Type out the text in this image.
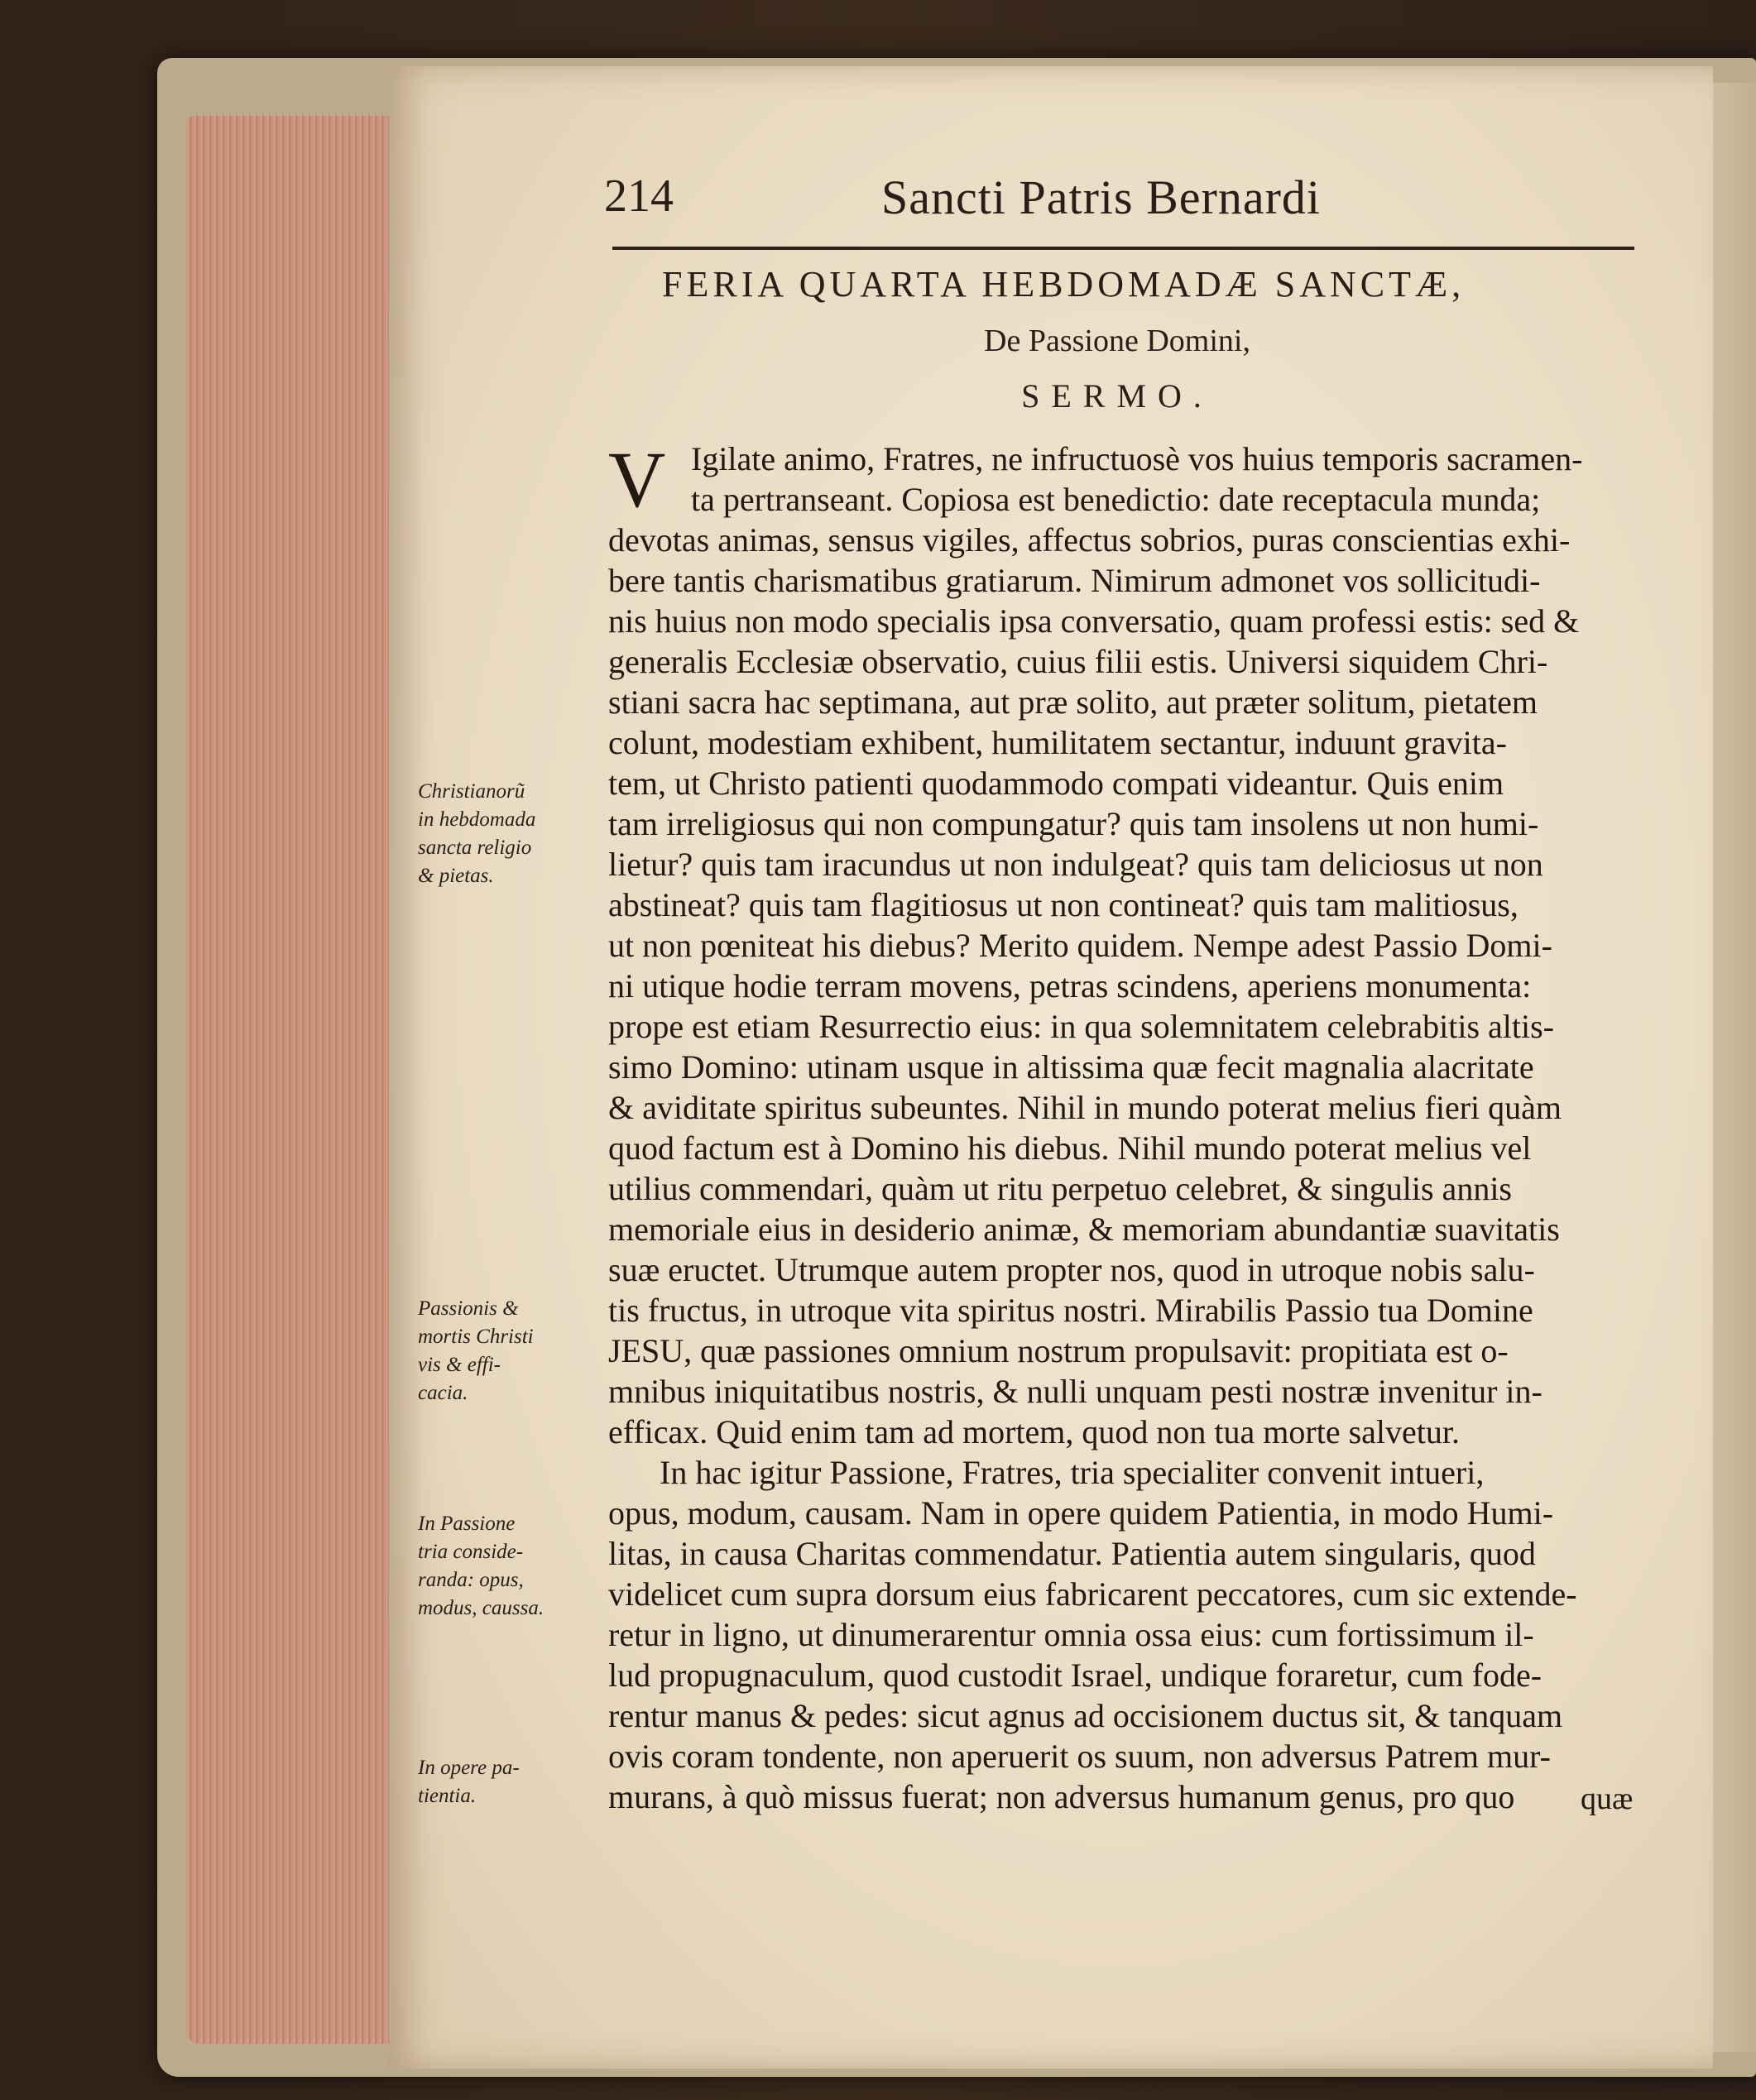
214	Sancti Patris Bernardi
FERIA QUARTA HEBDOMADÆ SANCTÆ,
De Passione Domini,
SERMO.
V Igilate animo, Fratres, ne infructuosè vos huius temporis sacramen-
ta pertranseant. Copiosa est benedictio: date receptacula munda;
devotas animas, sensus vigiles, affectus sobrios, puras conscientias exhi-
bere tantis charismatibus gratiarum. Nimirum admonet vos sollicitudi-
nis huius non modo specialis ipsa conversatio, quam professi estis: sed &
generalis Ecclesiæ observatio, cuius filii estis. Universi siquidem Chri-
stiani sacra hac septimana, aut præ solito, aut præter solitum, pietatem
colunt, modestiam exhibent, humilitatem sectantur, induunt gravita-
tem, ut Christo patienti quodammodo compati videantur. Quis enim
tam irreligiosus qui non compungatur? quis tam insolens ut non humi-
lietur? quis tam iracundus ut non indulgeat? quis tam deliciosus ut non
abstineat? quis tam flagitiosus ut non contineat? quis tam malitiosus,
ut non pœniteat his diebus? Merito quidem. Nempe adest Passio Domi-
ni utique hodie terram movens, petras scindens, aperiens monumenta:
prope est etiam Resurrectio eius: in qua solemnitatem celebrabitis altis-
simo Domino: utinam usque in altissima quæ fecit magnalia alacritate
& aviditate spiritus subeuntes. Nihil in mundo poterat melius fieri quàm
quod factum est à Domino his diebus. Nihil mundo poterat melius vel
utilius commendari, quàm ut ritu perpetuo celebret, & singulis annis
memoriale eius in desiderio animæ, & memoriam abundantiæ suavitatis
suæ eructet. Utrumque autem propter nos, quod in utroque nobis salu-
tis fructus, in utroque vita spiritus nostri. Mirabilis Passio tua Domine
JESU, quæ passiones omnium nostrum propulsavit: propitiata est o-
mnibus iniquitatibus nostris, & nulli unquam pesti nostræ invenitur in-
efficax. Quid enim tam ad mortem, quod non tua morte salvetur.
In hac igitur Passione, Fratres, tria specialiter convenit intueri,
opus, modum, causam. Nam in opere quidem Patientia, in modo Humi-
litas, in causa Charitas commendatur. Patientia autem singularis, quod
videlicet cum supra dorsum eius fabricarent peccatores, cum sic extende-
retur in ligno, ut dinumerarentur omnia ossa eius: cum fortissimum il-
lud propugnaculum, quod custodit Israel, undique foraretur, cum fode-
rentur manus & pedes: sicut agnus ad occisionem ductus sit, & tanquam
ovis coram tondente, non aperuerit os suum, non adversus Patrem mur-
murans, à quò missus fuerat; non adversus humanum genus, pro quo	quæ
Christianorũ
in hebdomada
sancta religio
& pietas.
Passionis &
mortis Christi
vis & effi-
cacia.
In Passione
tria conside-
randa: opus,
modus, caussa.
In opere pa-
tientia.
